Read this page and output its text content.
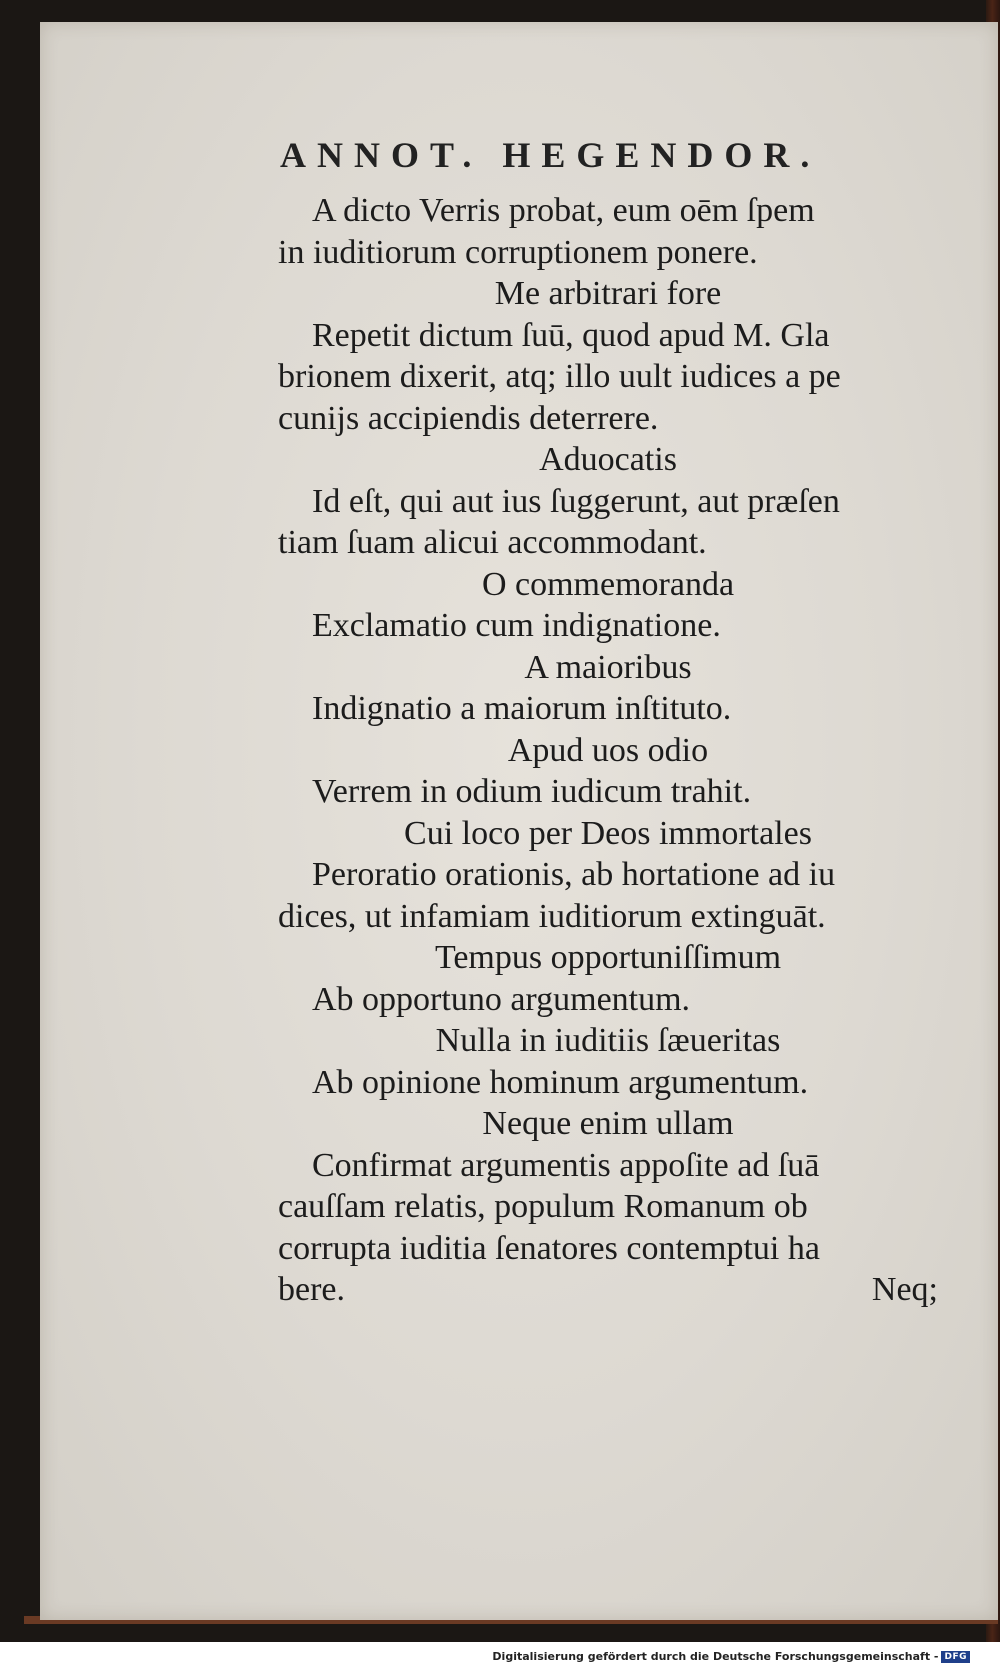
ANNOT. HEGENDOR.
A dicto Verris probat, eum oēm ſpem
in iuditiorum corruptionem ponere.
Me arbitrari fore
Repetit dictum ſuū, quod apud M. Gla
brionem dixerit, atq; illo uult iudices a pe
cunijs accipiendis deterrere.
Aduocatis
Id eſt, qui aut ius ſuggerunt, aut præſen
tiam ſuam alicui accommodant.
O commemoranda
Exclamatio cum indignatione.
A maioribus
Indignatio a maiorum inſtituto.
Apud uos odio
Verrem in odium iudicum trahit.
Cui loco per Deos immortales
Peroratio orationis, ab hortatione ad iu
dices, ut infamiam iuditiorum extinguāt.
Tempus opportuniſſimum
Ab opportuno argumentum.
Nulla in iuditiis ſæueritas
Ab opinione hominum argumentum.
Neque enim ullam
Confirmat argumentis appoſite ad ſuā
cauſſam relatis, populum Romanum ob
corrupta iuditia ſenatores contemptui ha
bere.	Neq;
Digitalisierung gefördert durch die Deutsche Forschungsgemeinschaft - DFG
